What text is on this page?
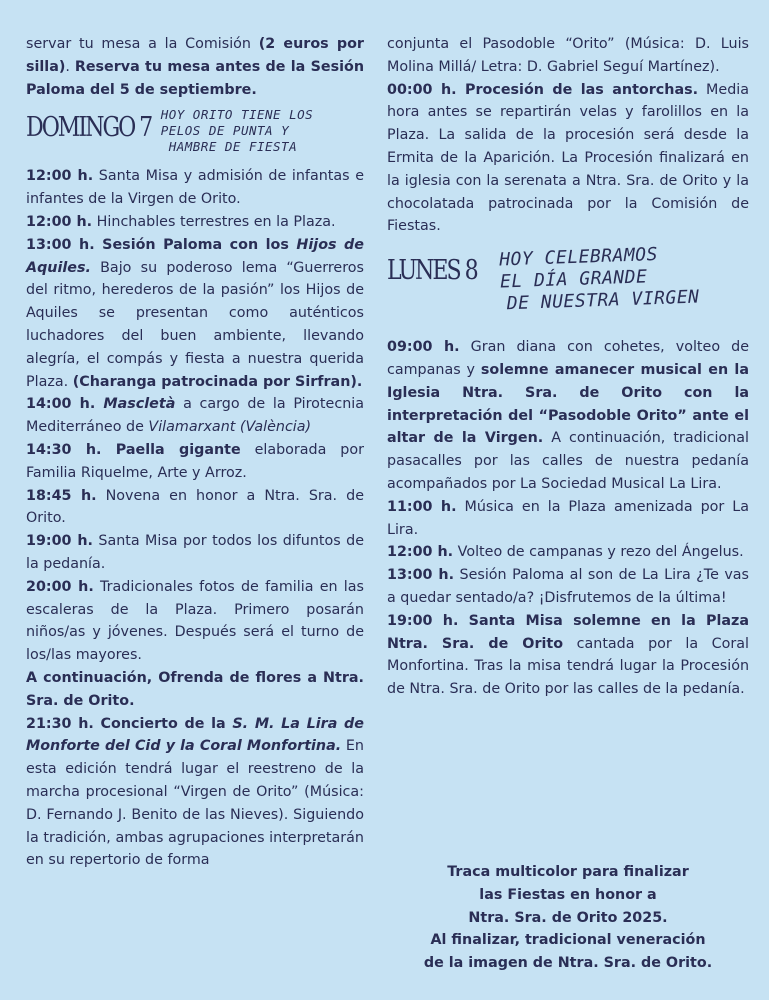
servar tu mesa a la Comisión (2 euros por silla). Reserva tu mesa antes de la Sesión Paloma del 5 de septiembre.

DOMINGO 7 HOY ORITO TIENE LOS
PELOS DE PUNTA Y
HAMBRE DE FIESTA

12:00 h. Santa Misa y admisión de infantas e infantes de la Virgen de Orito.

12:00 h. Hinchables terrestres en la Plaza.

13:00 h. Sesión Paloma con los Hijos de Aquiles. Bajo su poderoso lema “Guerreros del ritmo, herederos de la pasión” los Hijos de Aquiles se presentan como auténticos luchadores del buen ambiente, llevando alegría, el compás y fiesta a nuestra querida Plaza. (Charanga patrocinada por Sirfran).

14:00 h. Mascletà a cargo de la Pirotecnia Mediterráneo de Vilamarxant (València)

14:30 h. Paella gigante elaborada por Familia Riquelme, Arte y Arroz.

18:45 h. Novena en honor a Ntra. Sra. de Orito.

19:00 h. Santa Misa por todos los difuntos de la pedanía.

20:00 h. Tradicionales fotos de familia en las escaleras de la Plaza. Primero posarán niños/as y jóvenes. Después será el turno de los/las mayores.

A continuación, Ofrenda de flores a Ntra. Sra. de Orito.

21:30 h. Concierto de la S. M. La Lira de Monforte del Cid y la Coral Monfortina. En esta edición tendrá lugar el reestreno de la marcha procesional “Virgen de Orito” (Música: D. Fernando J. Benito de las Nieves). Siguiendo la tradición, ambas agrupaciones interpretarán en su repertorio de forma

conjunta el Pasodoble “Orito” (Música: D. Luis Molina Millá/ Letra: D. Gabriel Seguí Martínez).

00:00 h. Procesión de las antorchas. Media hora antes se repartirán velas y farolillos en la Plaza. La salida de la procesión será desde la Ermita de la Aparición. La Procesión finalizará en la iglesia con la serenata a Ntra. Sra. de Orito y la chocolatada patrocinada por la Comisión de Fiestas.

LUNES 8 HOY CELEBRAMOS
EL DÍA GRANDE
DE NUESTRA VIRGEN

09:00 h. Gran diana con cohetes, volteo de campanas y solemne amanecer musical en la Iglesia Ntra. Sra. de Orito con la interpretación del “Pasodoble Orito” ante el altar de la Virgen. A continuación, tradicional pasacalles por las calles de nuestra pedanía acompañados por La Sociedad Musical La Lira.

11:00 h. Música en la Plaza amenizada por La Lira.

12:00 h. Volteo de campanas y rezo del Ángelus.

13:00 h. Sesión Paloma al son de La Lira ¿Te vas a quedar sentado/a? ¡Disfrutemos de la última!

19:00 h. Santa Misa solemne en la Plaza Ntra. Sra. de Orito cantada por la Coral Monfortina. Tras la misa tendrá lugar la Procesión de Ntra. Sra. de Orito por las calles de la pedanía.

Traca multicolor para finalizar
las Fiestas en honor a
Ntra. Sra. de Orito 2025.
Al finalizar, tradicional veneración
de la imagen de Ntra. Sra. de Orito.
